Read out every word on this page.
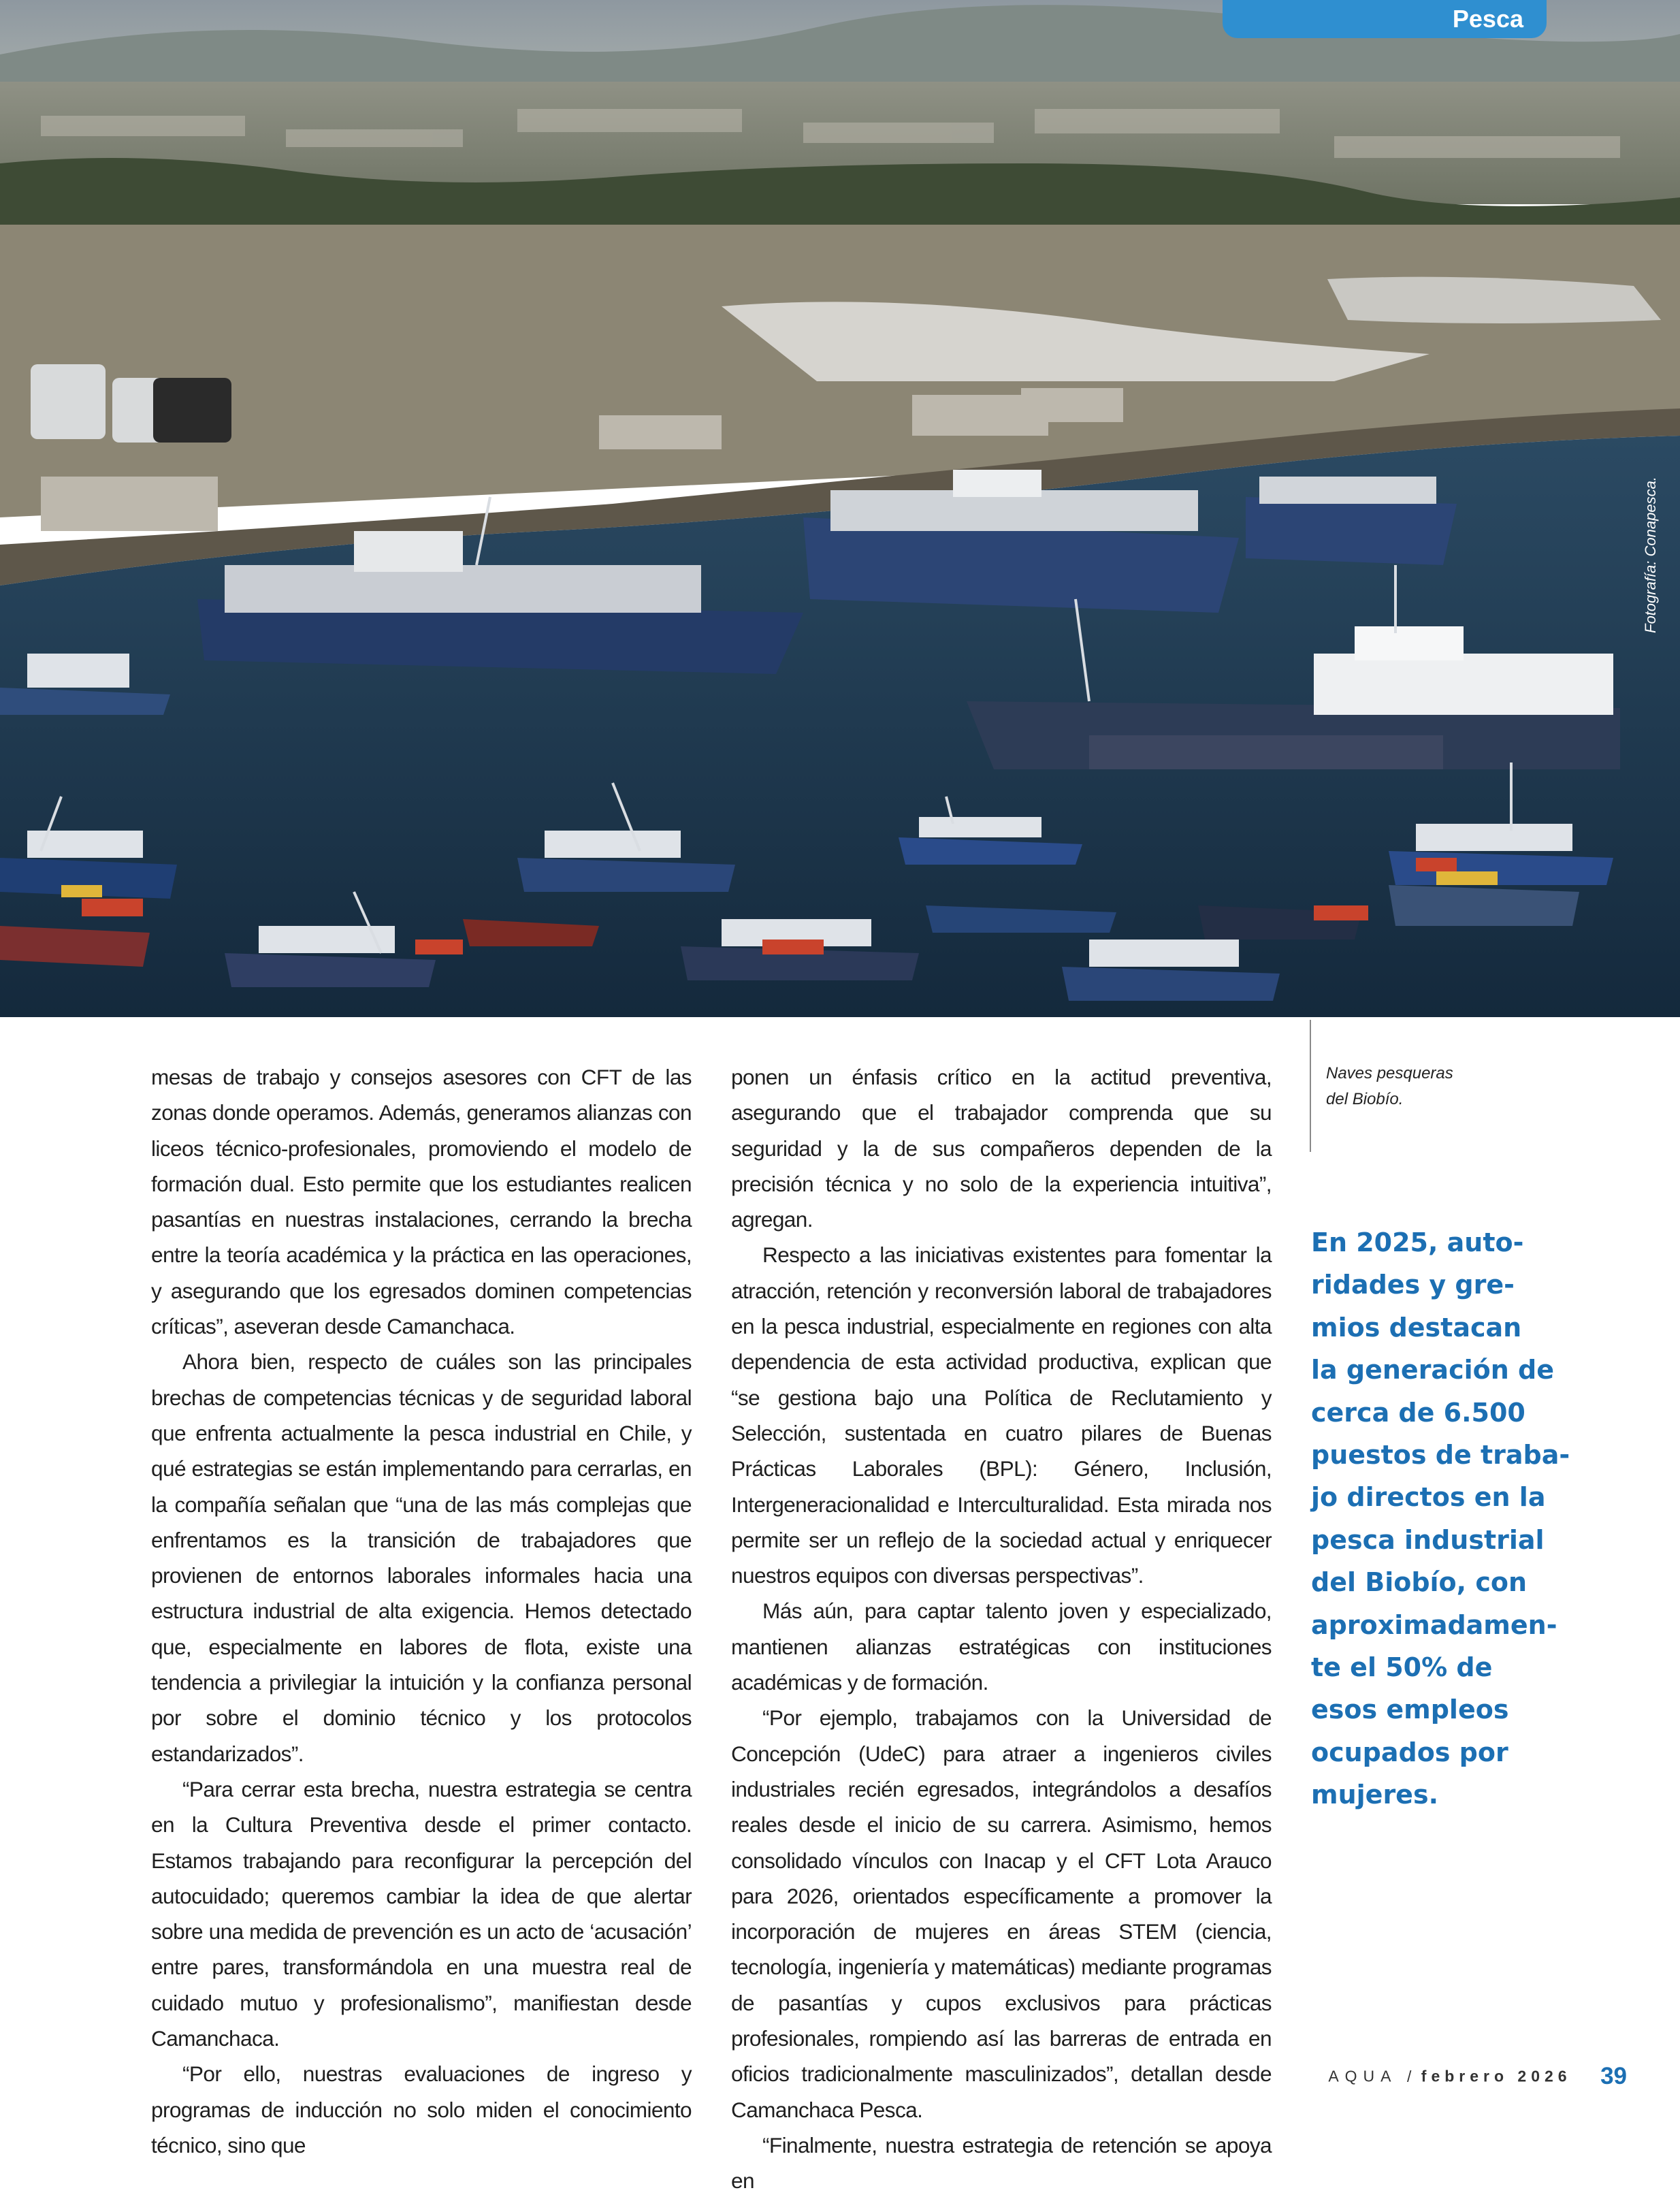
Pesca
Fotografía: Conapesca.
Naves pesqueras
del Biobío.

mesas de trabajo y consejos asesores con CFT de las zonas donde operamos. Además, generamos alianzas con liceos técnico-profesionales, promoviendo el modelo de formación dual. Esto permite que los estudiantes realicen pasantías en nuestras instalaciones, cerrando la brecha entre la teoría académica y la práctica en las operaciones, y asegurando que los egresados dominen competencias críticas”, aseveran desde Camanchaca.

Ahora bien, respecto de cuáles son las principales brechas de competencias técnicas y de seguridad laboral que enfrenta actualmente la pesca industrial en Chile, y qué estrategias se están implementando para cerrarlas, en la compañía señalan que “una de las más complejas que enfrentamos es la transición de trabajadores que provienen de entornos laborales informales hacia una estructura industrial de alta exigencia. Hemos detectado que, especialmente en labores de flota, existe una tendencia a privilegiar la intuición y la confianza personal por sobre el dominio técnico y los protocolos estandarizados”.

“Para cerrar esta brecha, nuestra estrategia se centra en la Cultura Preventiva desde el primer contacto. Estamos trabajando para reconfigurar la percepción del autocuidado; queremos cambiar la idea de que alertar sobre una medida de prevención es un acto de ‘acusación’ entre pares, transformándola en una muestra real de cuidado mutuo y profesionalismo”, manifiestan desde Camanchaca.

“Por ello, nuestras evaluaciones de ingreso y programas de inducción no solo miden el conocimiento técnico, sino que

ponen un énfasis crítico en la actitud preventiva, asegurando que el trabajador comprenda que su seguridad y la de sus compañeros dependen de la precisión técnica y no solo de la experiencia intuitiva”, agregan.

Respecto a las iniciativas existentes para fomentar la atracción, retención y reconversión laboral de trabajadores en la pesca industrial, especialmente en regiones con alta dependencia de esta actividad productiva, explican que “se gestiona bajo una Política de Reclutamiento y Selección, sustentada en cuatro pilares de Buenas Prácticas Laborales (BPL): Género, Inclusión, Intergeneracionalidad e Interculturalidad. Esta mirada nos permite ser un reflejo de la sociedad actual y enriquecer nuestros equipos con diversas perspectivas”.

Más aún, para captar talento joven y especializado, mantienen alianzas estratégicas con instituciones académicas y de formación.

“Por ejemplo, trabajamos con la Universidad de Concepción (UdeC) para atraer a ingenieros civiles industriales recién egresados, integrándolos a desafíos reales desde el inicio de su carrera. Asimismo, hemos consolidado vínculos con Inacap y el CFT Lota Arauco para 2026, orientados específicamente a promover la incorporación de mujeres en áreas STEM (ciencia, tecnología, ingeniería y matemáticas) mediante programas de pasantías y cupos exclusivos para prácticas profesionales, rompiendo así las barreras de entrada en oficios tradicionalmente masculinizados”, detallan desde Camanchaca Pesca.

“Finalmente, nuestra estrategia de retención se apoya en

En 2025, auto-
ridades y gre-
mios destacan
la generación de
cerca de 6.500
puestos de traba-
jo directos en la
pesca industrial
del Biobío, con
aproximadamen-
te el 50% de
esos empleos
ocupados por
mujeres.
AQUA / febrero 2026 39
